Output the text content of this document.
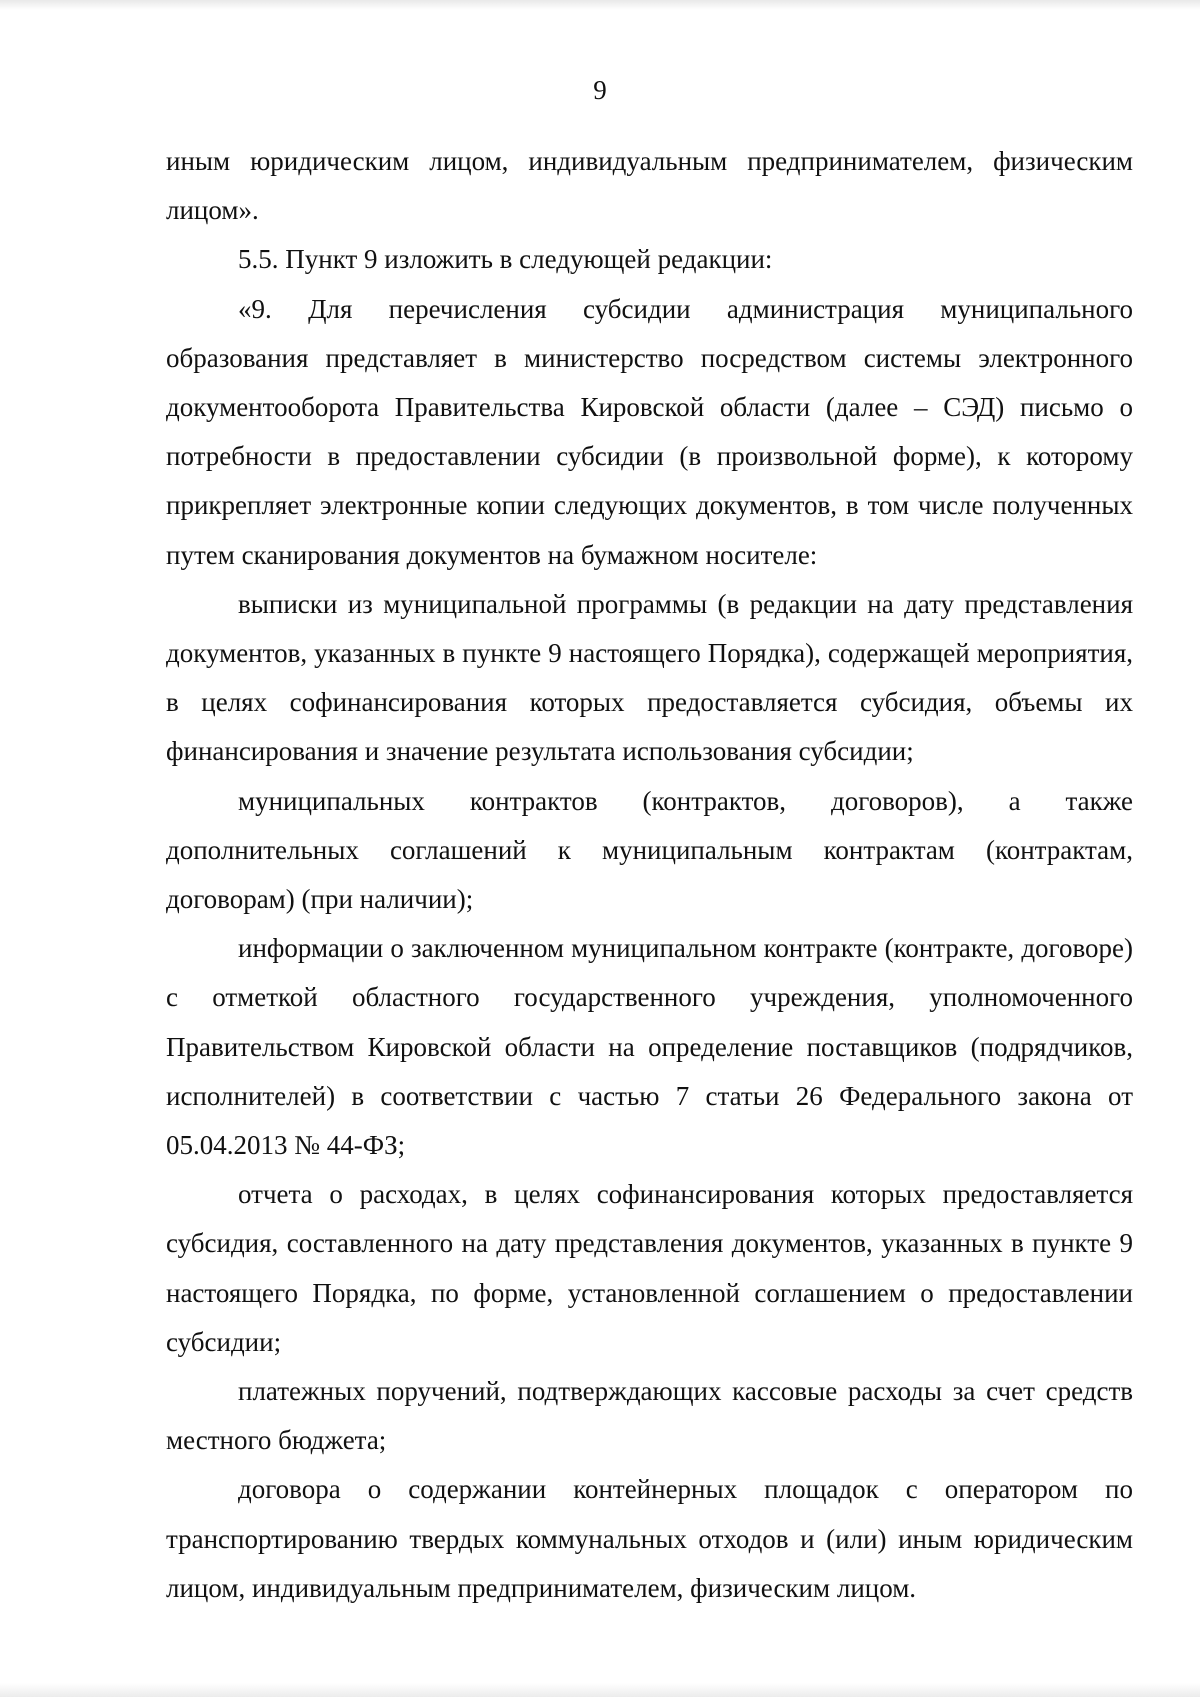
9

иным юридическим лицом, индивидуальным предпринимателем, физическим лицом».

5.5. Пункт 9 изложить в следующей редакции:

«9. Для перечисления субсидии администрация муниципального образования представляет в министерство посредством системы электронного документооборота Правительства Кировской области (далее – СЭД) письмо о потребности в предоставлении субсидии (в произвольной форме), к которому прикрепляет электронные копии следующих документов, в том числе полученных путем сканирования документов на бумажном носителе:

выписки из муниципальной программы (в редакции на дату представления документов, указанных в пункте 9 настоящего Порядка), содержащей мероприятия, в целях софинансирования которых предоставляется субсидия, объемы их финансирования и значение результата использования субсидии;

муниципальных контрактов (контрактов, договоров), а также дополнительных соглашений к муниципальным контрактам (контрактам, договорам) (при наличии);

информации о заключенном муниципальном контракте (контракте, договоре) с отметкой областного государственного учреждения, уполномоченного Правительством Кировской области на определение поставщиков (подрядчиков, исполнителей) в соответствии с частью 7 статьи 26 Федерального закона от 05.04.2013 № 44-ФЗ;

отчета о расходах, в целях софинансирования которых предоставляется субсидия, составленного на дату представления документов, указанных в пункте 9 настоящего Порядка, по форме, установленной соглашением о предоставлении субсидии;

платежных поручений, подтверждающих кассовые расходы за счет средств местного бюджета;

договора о содержании контейнерных площадок с оператором по транспортированию твердых коммунальных отходов и (или) иным юридическим лицом, индивидуальным предпринимателем, физическим лицом.
